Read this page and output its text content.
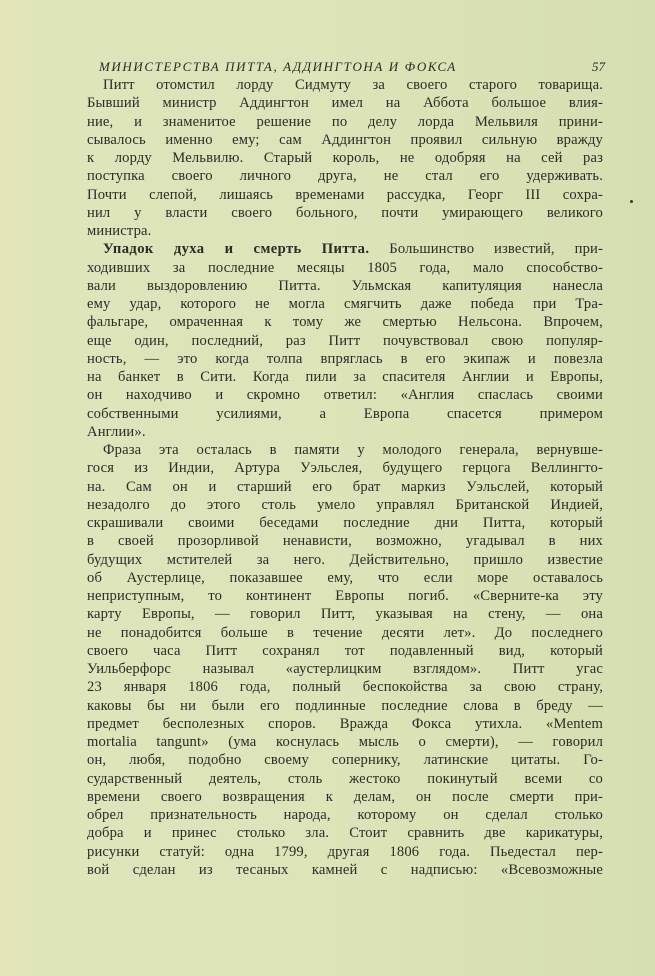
МИНИСТЕРСТВА ПИТТА, АДДИНГТОНА И ФОКСА	57
Питт отомстил лорду Сидмуту за своего старого товарища.
Бывший министр Аддингтон имел на Аббота большое влия-
ние, и знаменитое решение по делу лорда Мельвиля прини-
сывалось именно ему; сам Аддингтон проявил сильную вражду
к лорду Мельвилю. Старый король, не одобряя на сей раз
поступка своего личного друга, не стал его удерживать.
Почти слепой, лишаясь временами рассудка, Георг III сохра-
нил у власти своего больного, почти умирающего великого
министра.
Упадок духа и смерть Питта. Большинство известий, при-
ходивших за последние месяцы 1805 года, мало способство-
вали выздоровлению Питта. Ульмская капитуляция нанесла
ему удар, которого не могла смягчить даже победа при Тра-
фальгаре, омраченная к тому же смертью Нельсона. Впрочем,
еще один, последний, раз Питт почувствовал свою популяр-
ность, — это когда толпа впряглась в его экипаж и повезла
на банкет в Сити. Когда пили за спасителя Англии и Европы,
он находчиво и скромно ответил: «Англия спаслась своими
собственными усилиями, а Европа спасется примером
Англии».
Фраза эта осталась в памяти у молодого генерала, вернувше-
гося из Индии, Артура Уэльслея, будущего герцога Веллингто-
на. Сам он и старший его брат маркиз Уэльслей, который
незадолго до этого столь умело управлял Британской Индией,
скрашивали своими беседами последние дни Питта, который
в своей прозорливой ненависти, возможно, угадывал в них
будущих мстителей за него. Действительно, пришло известие
об Аустерлице, показавшее ему, что если море оставалось
неприступным, то континент Европы погиб. «Сверните-ка эту
карту Европы, — говорил Питт, указывая на стену, — она
не понадобится больше в течение десяти лет». До последнего
своего часа Питт сохранял тот подавленный вид, который
Уильберфорс называл «аустерлицким взглядом». Питт угас
23 января 1806 года, полный беспокойства за свою страну,
каковы бы ни были его подлинные последние слова в бреду —
предмет бесполезных споров. Вражда Фокса утихла. «Mentem
mortalia tangunt» (ума коснулась мысль о смерти), — говорил
он, любя, подобно своему сопернику, латинские цитаты. Го-
сударственный деятель, столь жестоко покинутый всеми со
времени своего возвращения к делам, он после смерти при-
обрел признательность народа, которому он сделал столько
добра и принес столько зла. Стоит сравнить две карикатуры,
рисунки статуй: одна 1799, другая 1806 года. Пьедестал пер-
вой сделан из тесаных камней с надписью: «Всевозможные
